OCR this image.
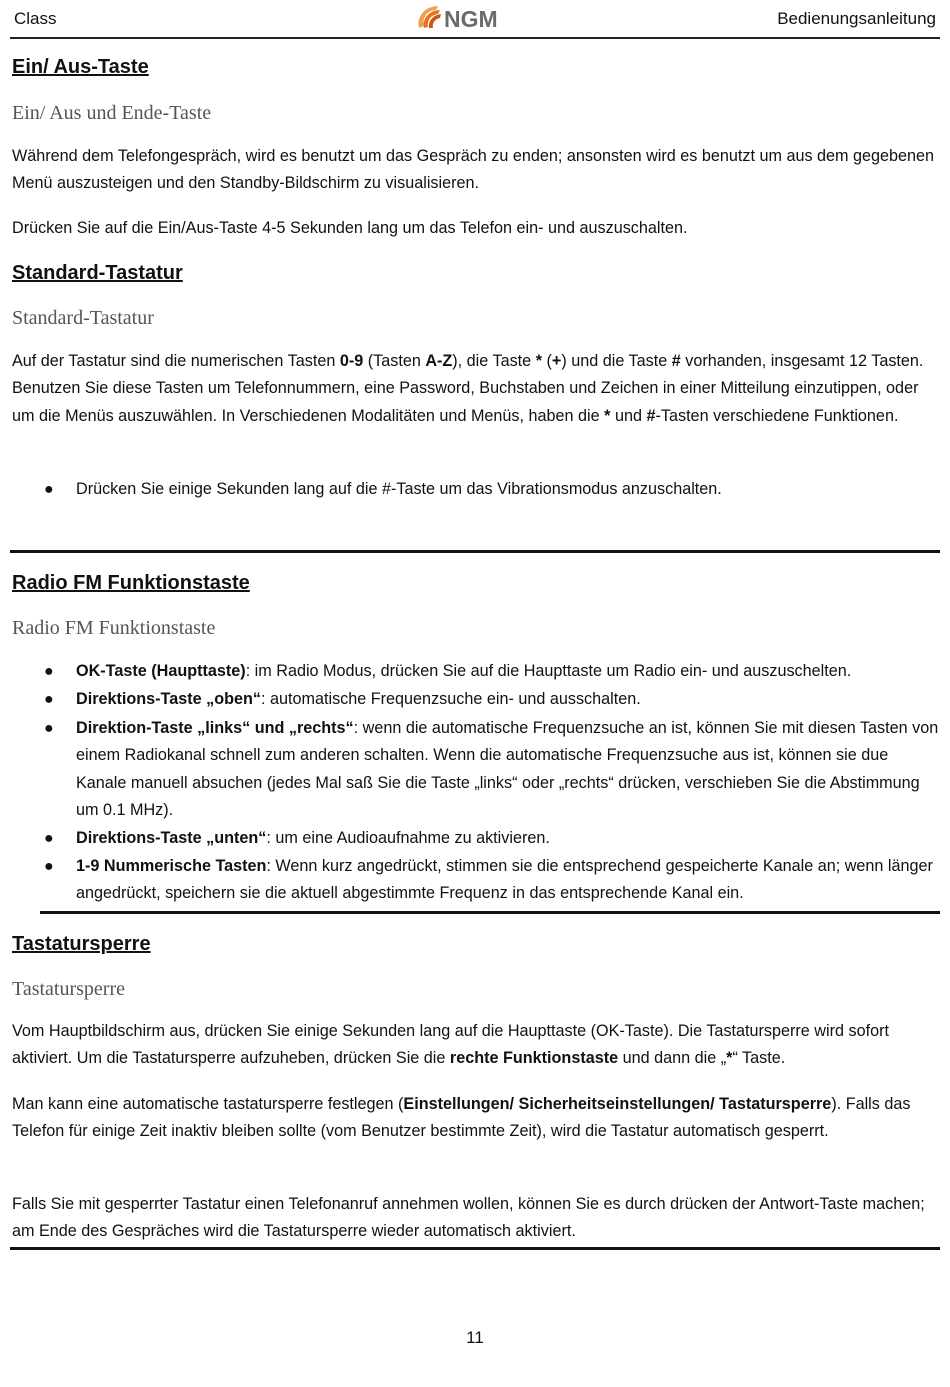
Class	NGM	Bedienungsanleitung
Ein/ Aus-Taste
Ein/ Aus und Ende-Taste

Während dem Telefongespräch, wird es benutzt um das Gespräch zu enden; ansonsten wird es benutzt um aus dem gegebenen Menü auszusteigen und den Standby-Bildschirm zu visualisieren.

Drücken Sie auf die Ein/Aus-Taste 4-5 Sekunden lang um das Telefon ein- und auszuschalten.

Standard-Tastatur
Standard-Tastatur

Auf der Tastatur sind die numerischen Tasten 0-9 (Tasten A-Z), die Taste * (+) und die Taste # vorhanden, insgesamt 12 Tasten. Benutzen Sie diese Tasten um Telefonnummern, eine Password, Buchstaben und Zeichen in einer Mitteilung einzutippen, oder um die Menüs auszuwählen. In Verschiedenen Modalitäten und Menüs, haben die * und #-Tasten verschiedene Funktionen.

● Drücken Sie einige Sekunden lang auf die #-Taste um das Vibrationsmodus anzuschalten.
Radio FM Funktionstaste
Radio FM Funktionstaste
● OK-Taste (Haupttaste): im Radio Modus, drücken Sie auf die Haupttaste um Radio ein- und auszuschelten.
● Direktions-Taste „oben“: automatische Frequenzsuche ein- und ausschalten.
● Direktion-Taste „links“ und „rechts“: wenn die automatische Frequenzsuche an ist, können Sie mit diesen Tasten von einem Radiokanal schnell zum anderen schalten. Wenn die automatische Frequenzsuche aus ist, können sie due Kanale manuell absuchen (jedes Mal saß Sie die Taste „links“ oder „rechts“ drücken, verschieben Sie die Abstimmung um 0.1 MHz).
● Direktions-Taste „unten“: um eine Audioaufnahme zu aktivieren.
● 1-9 Nummerische Tasten: Wenn kurz angedrückt, stimmen sie die entsprechend gespeicherte Kanale an; wenn länger angedrückt, speichern sie die aktuell abgestimmte Frequenz in das entsprechende Kanal ein.
Tastatursperre
Tastatursperre

Vom Hauptbildschirm aus, drücken Sie einige Sekunden lang auf die Haupttaste (OK-Taste). Die Tastatursperre wird sofort aktiviert. Um die Tastatursperre aufzuheben, drücken Sie die rechte Funktionstaste und dann die „*“ Taste.

Man kann eine automatische tastatursperre festlegen (Einstellungen/ Sicherheitseinstellungen/ Tastatursperre). Falls das Telefon für einige Zeit inaktiv bleiben sollte (vom Benutzer bestimmte Zeit), wird die Tastatur automatisch gesperrt.

Falls Sie mit gesperrter Tastatur einen Telefonanruf annehmen wollen, können Sie es durch drücken der Antwort-Taste machen; am Ende des Gespräches wird die Tastatursperre wieder automatisch aktiviert.

11
